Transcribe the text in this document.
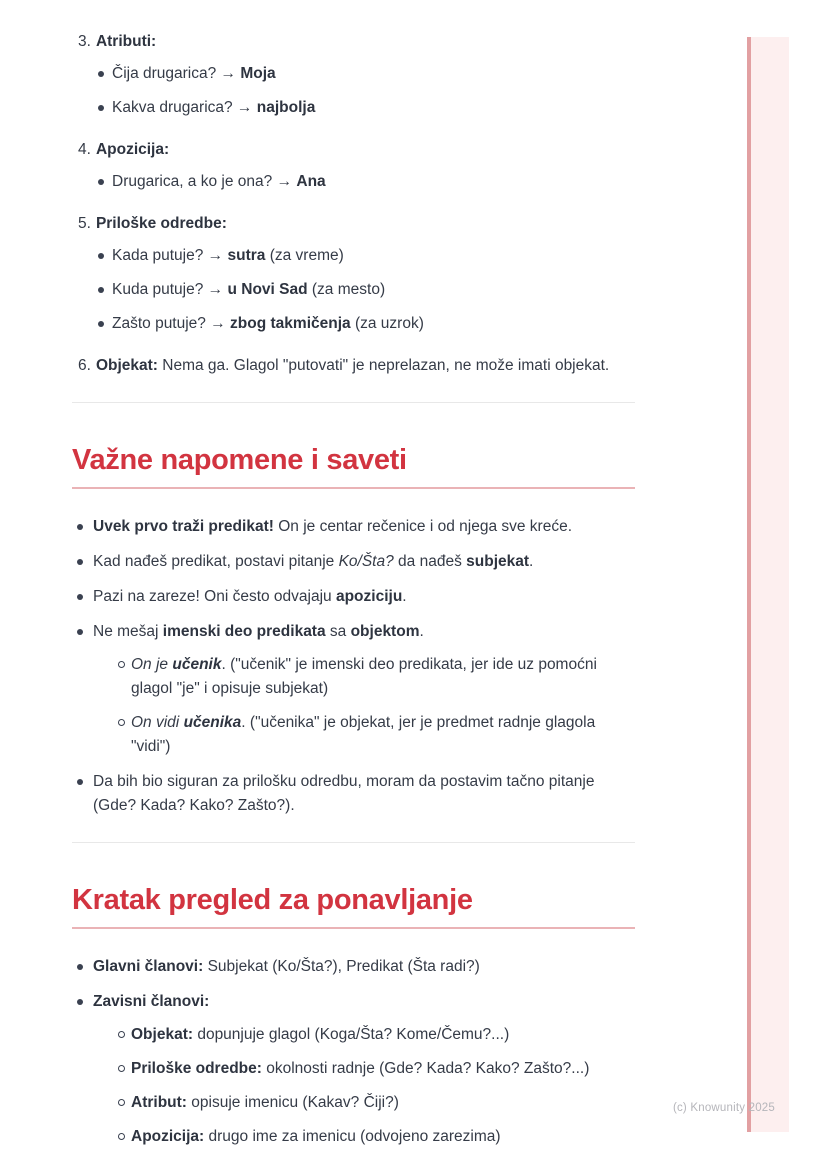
3. Atributi:
Čija drugarica? → Moja
Kakva drugarica? → najbolja
4. Apozicija:
Drugarica, a ko je ona? → Ana
5. Priloške odredbe:
Kada putuje? → sutra (za vreme)
Kuda putuje? → u Novi Sad (za mesto)
Zašto putuje? → zbog takmičenja (za uzrok)
6. Objekat: Nema ga. Glagol "putovati" je neprelazan, ne može imati objekat.
Važne napomene i saveti
Uvek prvo traži predikat! On je centar rečenice i od njega sve kreće.
Kad nađeš predikat, postavi pitanje Ko/Šta? da nađeš subjekat.
Pazi na zareze! Oni često odvajaju apoziciju.
Ne mešaj imenski deo predikata sa objektom.
On je učenik. ("učenik" je imenski deo predikata, jer ide uz pomoćni glagol "je" i opisuje subjekat)
On vidi učenika. ("učenika" je objekat, jer je predmet radnje glagola "vidi")
Da bih bio siguran za prilošku odredbu, moram da postavim tačno pitanje (Gde? Kada? Kako? Zašto?).
Kratak pregled za ponavljanje
Glavni članovi: Subjekat (Ko/Šta?), Predikat (Šta radi?)
Zavisni članovi:
Objekat: dopunjuje glagol (Koga/Šta? Kome/Čemu?...)
Priloške odredbe: okolnosti radnje (Gde? Kada? Kako? Zašto?...)
Atribut: opisuje imenicu (Kakav? Čiji?)
Apozicija: drugo ime za imenicu (odvojeno zarezima)
(c) Knowunity 2025
